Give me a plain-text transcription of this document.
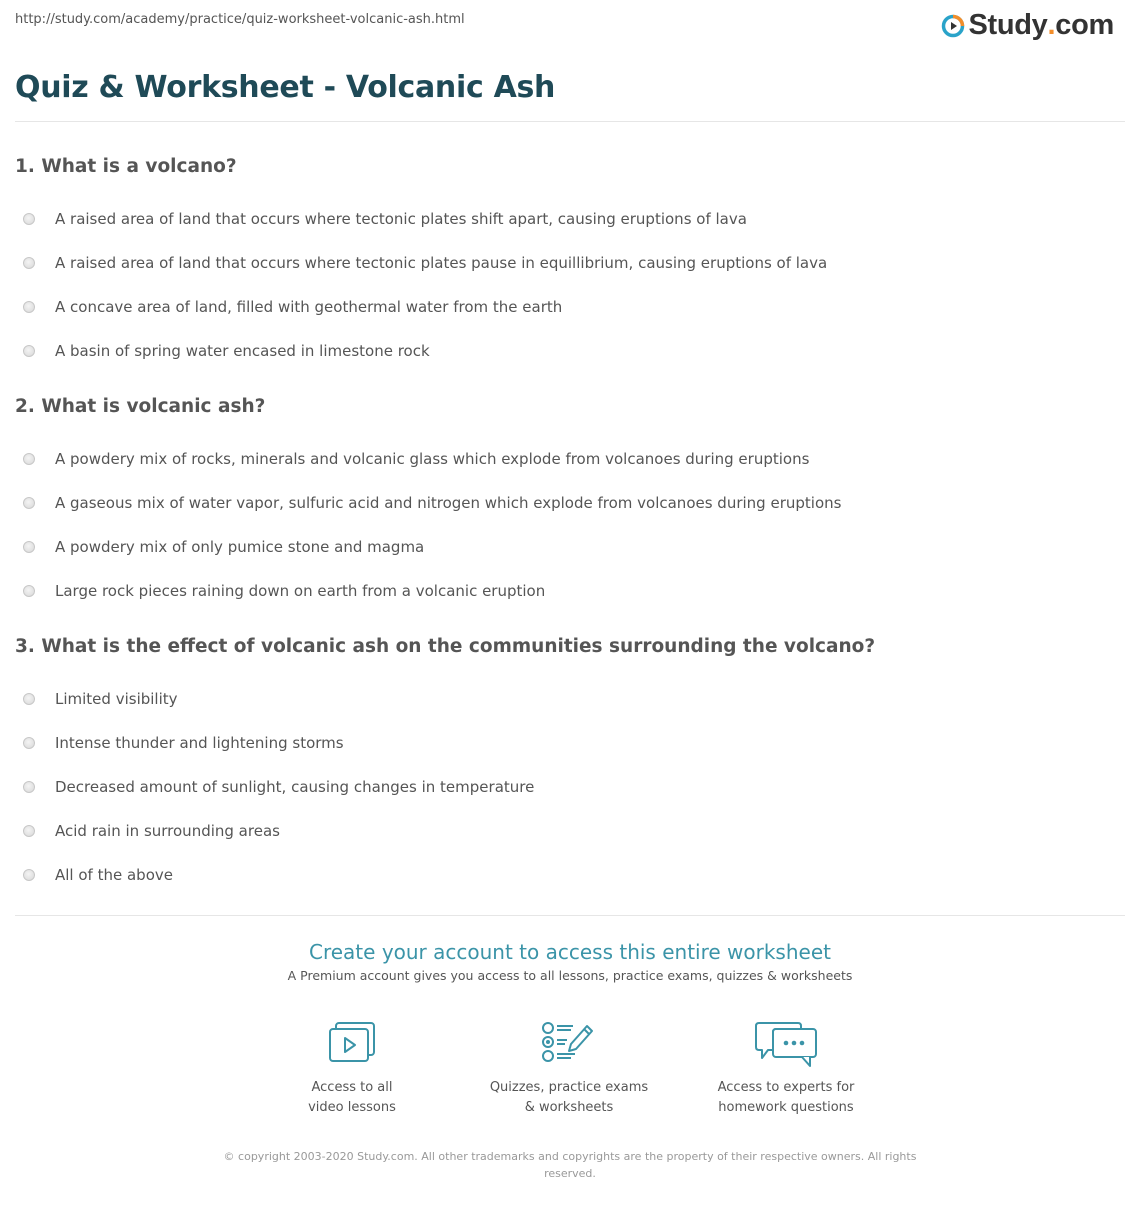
http://study.com/academy/practice/quiz-worksheet-volcanic-ash.html	Study . com
Quiz & Worksheet - Volcanic Ash
1. What is a volcano?
A raised area of land that occurs where tectonic plates shift apart, causing eruptions of lava
A raised area of land that occurs where tectonic plates pause in equillibrium, causing eruptions of lava
A concave area of land, filled with geothermal water from the earth
A basin of spring water encased in limestone rock
2. What is volcanic ash?
A powdery mix of rocks, minerals and volcanic glass which explode from volcanoes during eruptions
A gaseous mix of water vapor, sulfuric acid and nitrogen which explode from volcanoes during eruptions
A powdery mix of only pumice stone and magma
Large rock pieces raining down on earth from a volcanic eruption
3. What is the effect of volcanic ash on the communities surrounding the volcano?
Limited visibility
Intense thunder and lightening storms
Decreased amount of sunlight, causing changes in temperature
Acid rain in surrounding areas
All of the above
Create your account to access this entire worksheet
A Premium account gives you access to all lessons, practice exams, quizzes & worksheets
Access to all
video lessons
Quizzes, practice exams
& worksheets
Access to experts for
homework questions
© copyright 2003-2020 Study.com. All other trademarks and copyrights are the property of their respective owners. All rights reserved.
